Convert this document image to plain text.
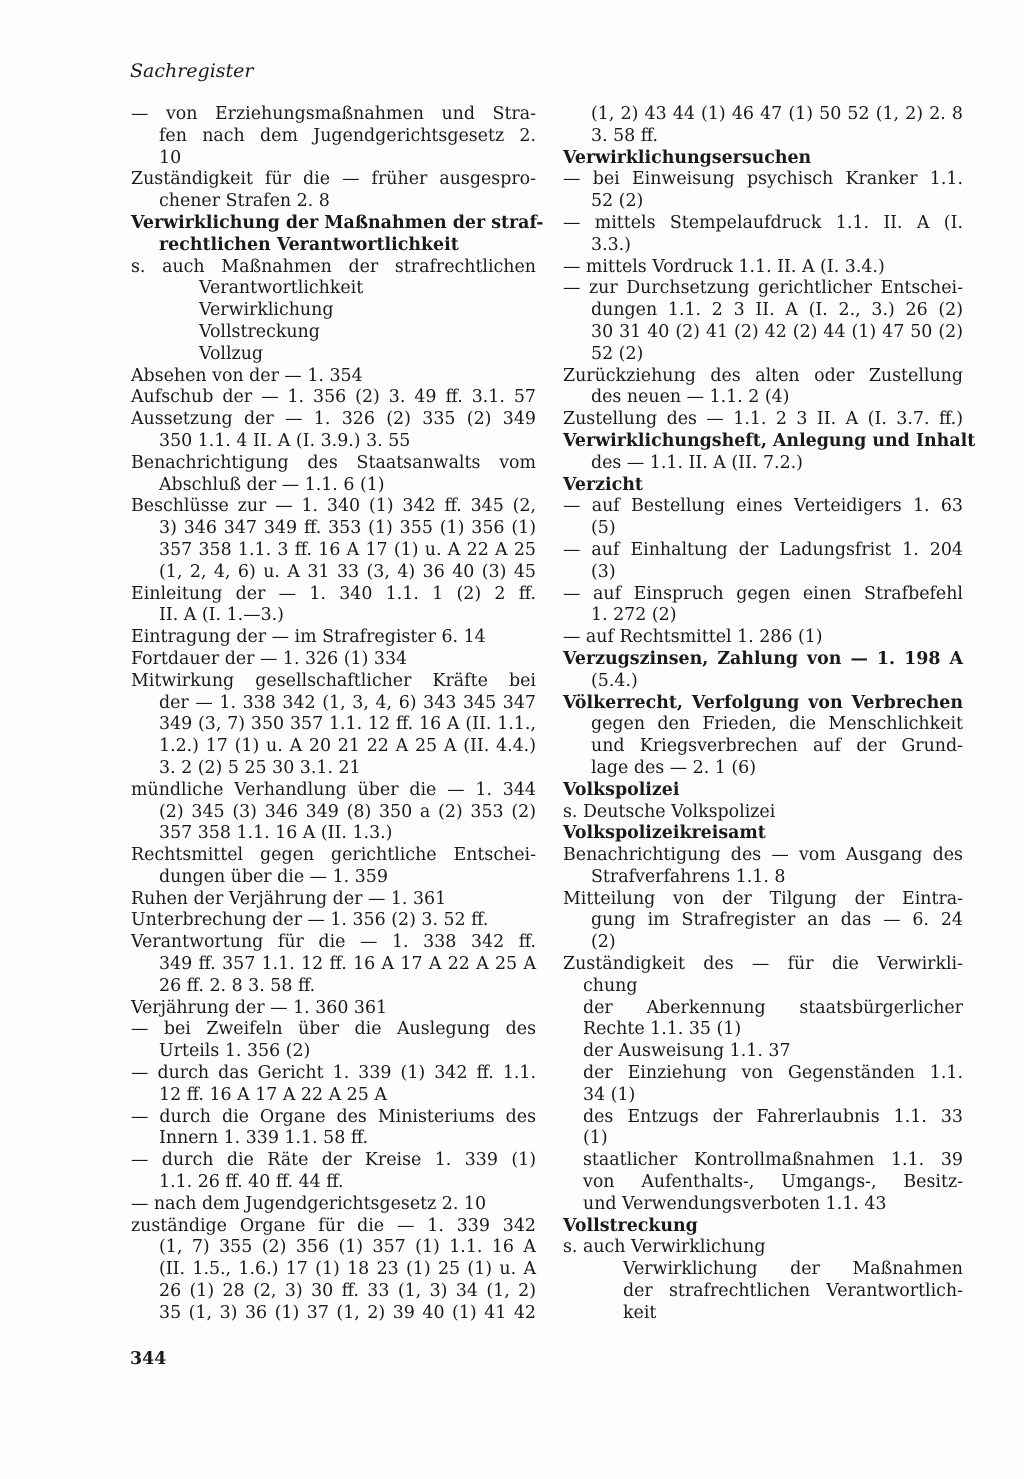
Sachregister
— von Erziehungsmaßnahmen und Stra-
fen nach dem Jugendgerichtsgesetz 2.
10
Zuständigkeit für die — früher ausgespro-
chener Strafen 2. 8
Verwirklichung der Maßnahmen der straf-
rechtlichen Verantwortlichkeit
s. auch Maßnahmen der strafrechtlichen
Verantwortlichkeit
Verwirklichung
Vollstreckung
Vollzug
Absehen von der — 1. 354
Aufschub der — 1. 356 (2) 3. 49 ff. 3.1. 57
Aussetzung der — 1. 326 (2) 335 (2) 349
350 1.1. 4 II. A (I. 3.9.) 3. 55
Benachrichtigung des Staatsanwalts vom
Abschluß der — 1.1. 6 (1)
Beschlüsse zur — 1. 340 (1) 342 ff. 345 (2,
3) 346 347 349 ff. 353 (1) 355 (1) 356 (1)
357 358 1.1. 3 ff. 16 A 17 (1) u. A 22 A 25
(1, 2, 4, 6) u. A 31 33 (3, 4) 36 40 (3) 45
Einleitung der — 1. 340 1.1. 1 (2) 2 ff.
II. A (I. 1.—3.)
Eintragung der — im Strafregister 6. 14
Fortdauer der — 1. 326 (1) 334
Mitwirkung gesellschaftlicher Kräfte bei
der — 1. 338 342 (1, 3, 4, 6) 343 345 347
349 (3, 7) 350 357 1.1. 12 ff. 16 A (II. 1.1.,
1.2.) 17 (1) u. A 20 21 22 A 25 A (II. 4.4.)
3. 2 (2) 5 25 30 3.1. 21
mündliche Verhandlung über die — 1. 344
(2) 345 (3) 346 349 (8) 350 a (2) 353 (2)
357 358 1.1. 16 A (II. 1.3.)
Rechtsmittel gegen gerichtliche Entschei-
dungen über die — 1. 359
Ruhen der Verjährung der — 1. 361
Unterbrechung der — 1. 356 (2) 3. 52 ff.
Verantwortung für die — 1. 338 342 ff.
349 ff. 357 1.1. 12 ff. 16 A 17 A 22 A 25 A
26 ff. 2. 8 3. 58 ff.
Verjährung der — 1. 360 361
— bei Zweifeln über die Auslegung des
Urteils 1. 356 (2)
— durch das Gericht 1. 339 (1) 342 ff. 1.1.
12 ff. 16 A 17 A 22 A 25 A
— durch die Organe des Ministeriums des
Innern 1. 339 1.1. 58 ff.
— durch die Räte der Kreise 1. 339 (1)
1.1. 26 ff. 40 ff. 44 ff.
— nach dem Jugendgerichtsgesetz 2. 10
zuständige Organe für die — 1. 339 342
(1, 7) 355 (2) 356 (1) 357 (1) 1.1. 16 A
(II. 1.5., 1.6.) 17 (1) 18 23 (1) 25 (1) u. A
26 (1) 28 (2, 3) 30 ff. 33 (1, 3) 34 (1, 2)
35 (1, 3) 36 (1) 37 (1, 2) 39 40 (1) 41 42
(1, 2) 43 44 (1) 46 47 (1) 50 52 (1, 2) 2. 8
3. 58 ff.
Verwirklichungsersuchen
— bei Einweisung psychisch Kranker 1.1.
52 (2)
— mittels Stempelaufdruck 1.1. II. A (I.
3.3.)
— mittels Vordruck 1.1. II. A (I. 3.4.)
— zur Durchsetzung gerichtlicher Entschei-
dungen 1.1. 2 3 II. A (I. 2., 3.) 26 (2)
30 31 40 (2) 41 (2) 42 (2) 44 (1) 47 50 (2)
52 (2)
Zurückziehung des alten oder Zustellung
des neuen — 1.1. 2 (4)
Zustellung des — 1.1. 2 3 II. A (I. 3.7. ff.)
Verwirklichungsheft, Anlegung und Inhalt
des — 1.1. II. A (II. 7.2.)
Verzicht
— auf Bestellung eines Verteidigers 1. 63
(5)
— auf Einhaltung der Ladungsfrist 1. 204
(3)
— auf Einspruch gegen einen Strafbefehl
1. 272 (2)
— auf Rechtsmittel 1. 286 (1)
Verzugszinsen, Zahlung von — 1. 198 A
(5.4.)
Völkerrecht, Verfolgung von Verbrechen
gegen den Frieden, die Menschlichkeit
und Kriegsverbrechen auf der Grund-
lage des — 2. 1 (6)
Volkspolizei
s. Deutsche Volkspolizei
Volkspolizeikreisamt
Benachrichtigung des — vom Ausgang des
Strafverfahrens 1.1. 8
Mitteilung von der Tilgung der Eintra-
gung im Strafregister an das — 6. 24
(2)
Zuständigkeit des — für die Verwirkli-
chung
der Aberkennung staatsbürgerlicher
Rechte 1.1. 35 (1)
der Ausweisung 1.1. 37
der Einziehung von Gegenständen 1.1.
34 (1)
des Entzugs der Fahrerlaubnis 1.1. 33
(1)
staatlicher Kontrollmaßnahmen 1.1. 39
von Aufenthalts-, Umgangs-, Besitz-
und Verwendungsverboten 1.1. 43
Vollstreckung
s. auch Verwirklichung
Verwirklichung der Maßnahmen
der strafrechtlichen Verantwortlich-
keit
344
